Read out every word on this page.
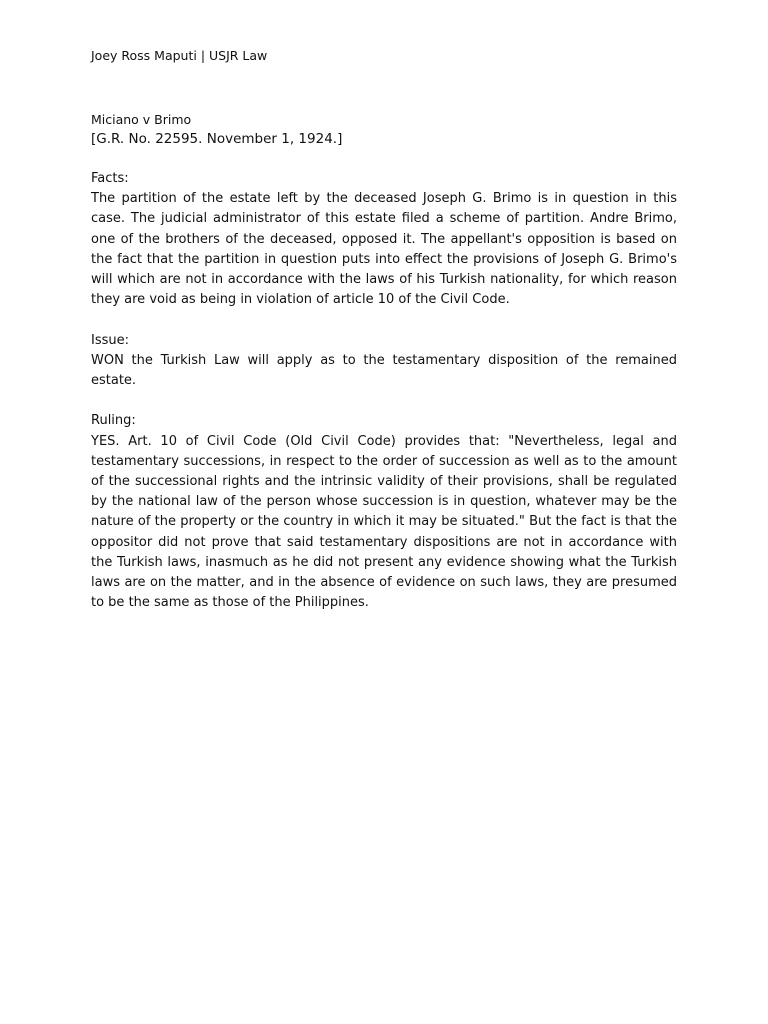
Joey Ross Maputi | USJR Law
Miciano v Brimo
[G.R. No. 22595. November 1, 1924.]
Facts:

The partition of the estate left by the deceased Joseph G. Brimo is in question in this case. The judicial administrator of this estate filed a scheme of partition. Andre Brimo, one of the brothers of the deceased, opposed it. The appellant's opposition is based on the fact that the partition in question puts into effect the provisions of Joseph G. Brimo's will which are not in accordance with the laws of his Turkish nationality, for which reason they are void as being in violation of article 10 of the Civil Code.

Issue:

WON the Turkish Law will apply as to the testamentary disposition of the remained estate.

Ruling:

YES. Art. 10 of Civil Code (Old Civil Code) provides that: "Nevertheless, legal and testamentary successions, in respect to the order of succession as well as to the amount of the successional rights and the intrinsic validity of their provisions, shall be regulated by the national law of the person whose succession is in question, whatever may be the nature of the property or the country in which it may be situated." But the fact is that the oppositor did not prove that said testamentary dispositions are not in accordance with the Turkish laws, inasmuch as he did not present any evidence showing what the Turkish laws are on the matter, and in the absence of evidence on such laws, they are presumed to be the same as those of the Philippines.
